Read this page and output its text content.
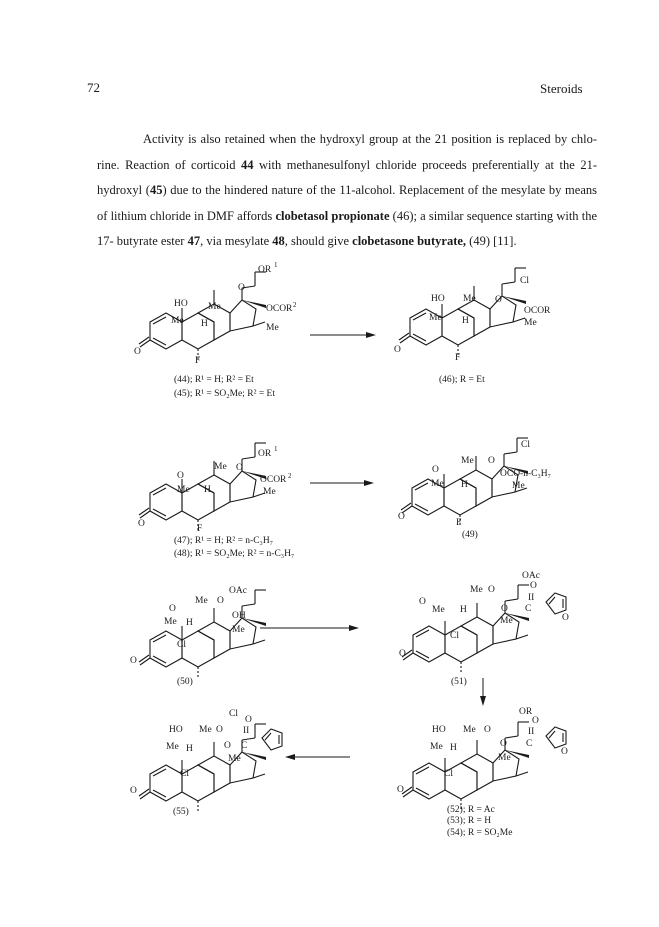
72	Steroids

Activity is also retained when the hydroxyl group at the 21 position is replaced by chlo-rine. Reaction of corticoid 44 with methanesulfonyl chloride proceeds preferentially at the 21-hydroxyl (45) due to the hindered nature of the 11-alcohol. Replacement of the mesylate by means of lithium chloride in DMF affords clobetasol propionate (46); a similar sequence starting with the 17- butyrate ester 47, via mesylate 48, should give clobetasone butyrate, (49) [11].

OR 1
HO Me
O
OCOR 2
Me
Me H
F
O
(44); R¹ = H; R² = Et
(45); R¹ = SO₂Me; R² = Et
Cl
HO Me O
OCOR
Me
Me H
F
O
(46); R = Et
OR 1
O
Me O
OCOR 2
Me
Me H
F
O
(47); R¹ = H; R² = n-C₃H₇
(48); R¹ = SO₂Me; R² = n-C₃H₇
Cl
O
Me O
OCO-n-C₃H₇
Me
Me H
F
O
(49)
OAc
O
Me O
OH
Me
Me H
Cl
O
(50)
OAc
O
Me O	O
II
O C
Me
Me H
Cl
O
O
(51)
Cl
HO Me O
O
II
O C
Me
Me H
Cl
O
(55)
OR
HO Me O
O
II
O C
Me
Me H
Cl
O
O
(52); R = Ac
(53); R = H
(54); R = SO₂Me
